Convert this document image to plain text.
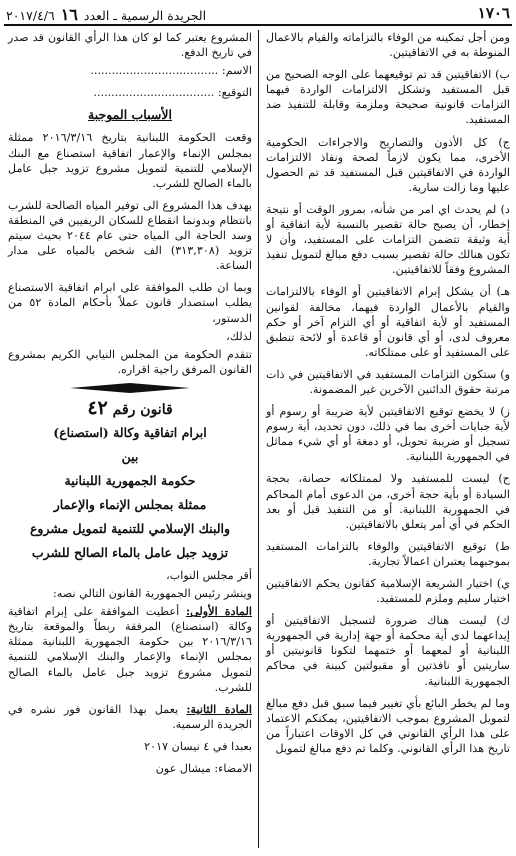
١٧٠٦
الجريدة الرسمية ـ العدد ١٦ ٢٠١٧/٤/٦

ومن أجل تمكينه من الوفاء بالتزاماته والقيام بالاعمال المنوطة به في الاتفاقيتين.

ب) الاتفاقيتين قد تم توقيعهما على الوجه الصحيح من قبل المستفيد وتشكل الالتزامات الواردة فيهما التزامات قانونية صحيحة وملزمة وقابلة للتنفيذ ضد المستفيد.

ج) كل الأذون والتصاريح والاجراءات الحكومية الأخرى، مما يكون لازماً لصحة ونفاذ الالتزامات الواردة في الاتفاقيتين قبل المستفيد قد تم الحصول عليها وما زالت سارية.

د) لم يحدث اي امر من شأنه، بمرور الوقت أو نتيجة إخطار، أن يصبح حالة تقصير بالنسبة لأية اتفاقية أو أية وثيقة تتضمن التزامات على المستفيد، وأن لا تكون هنالك حالة تقصير بسبب دفع مبالغ لتمويل تنفيذ المشروع وفقاً للاتفاقيتين.

هـ) أن يشكل إبرام الاتفاقيتين أو الوفاء بالالتزامات والقيام بالأعمال الواردة فيهما، مخالفة لقوانين المستفيد أو لأية اتفاقية أو أي التزام آخر أو حكم معروف لدى، أو أي قانون أو قاعدة أو لائحة تنطبق على المستفيد أو على ممتلكاته.

و) ستكون التزامات المستفيد في الاتفاقيتين في ذات مرتبة حقوق الدائنين الآخرين غير المضمونة.

ز) لا يخضع توقيع الاتفاقيتين لأية ضريبة أو رسوم أو لأية جبايات أخرى بما في ذلك، دون تحديد، أية رسوم تسجيل أو ضريبة تحويل، أو دمغة أو أي شيء مماثل في الجمهورية اللبنانية.

ح) ليست للمستفيد ولا لممتلكاته حصانة، بحجة السيادة أو بأية حجة أخرى، من الدعوى أمام المحاكم في الجمهورية اللبنانية. أو من التنفيذ قبل أو بعد الحكم في أي أمر يتعلق بالاتفاقيتين.

ط) توقيع الاتفاقيتين والوفاء بالتزامات المستفيد بموجبهما يعتبران اعمالاً تجارية.

ي) اختيار الشريعة الإسلامية كقانون يحكم الاتفاقيتين اختيار سليم وملزم للمستفيد.

ك) ليست هناك ضرورة لتسجيل الاتفاقيتين أو إيداعهما لدى أية محكمة أو جهة إدارية في الجمهورية اللبنانية أو لمعهما أو ختمهما لتكونا قانونيتين أو ساريتين أو نافذتين أو مقبولتين كبينة في محاكم الجمهورية اللبنانية.

وما لم يخطر البائع بأي تغيير فيما سبق قبل دفع مبالغ لتمويل المشروع بموجب الاتفاقيتين، يمكنكم الاعتماد على هذا الرأي القانوني في كل الاوقات اعتباراً من تاريخ هذا الرأي القانوني. وكلما تم دفع مبالغ لتمويل

المشروع يعتبر كما لو كان هذا الرأي القانون قد صدر في تاريخ الدفع.

الاسم: ....................................

التوقيع: ..................................

الأسباب الموجبة

وقعت الحكومة اللبنانية بتاريخ ٢٠١٦/٣/١٦ ممثلة بمجلس الإنماء والإعمار اتفاقية استصناع مع البنك الإسلامي للتنمية لتمويل مشروع تزويد جبل عامل بالماء الصالح للشرب.

يهدف هذا المشروع الى توفير المياه الصالحة للشرب بانتظام وبدونما انقطاع للسكان الريفيين في المنطقة وسد الحاجة الى المياه حتى عام ٢٠٤٤ بحيث سيتم تزويد (٣١٣,٣٠٨) الف شخص بالمياه على مدار الساعة.

وبما ان طلب الموافقة على ابرام اتفاقية الاستصناع يطلب استصدار قانون عملاً بأحكام المادة ٥٢ من الدستور،

لذلك،

تتقدم الحكومة من المجلس النيابي الكريم بمشروع القانون المرفق راجية اقراره.

قانون رقم ٤٢

ابرام اتفاقية وكالة (استصناع)

بين

حكومة الجمهورية اللبنانية

ممثلة بمجلس الإنماء والإعمار

والبنك الإسلامي للتنمية لتمويل مشروع

تزويد جبل عامل بالماء الصالح للشرب

أقر مجلس النواب،

وينشر رئيس الجمهورية القانون التالي نصه:

المادة الأولى: أعطيت الموافقة على إبرام اتفاقية وكالة (استصناع) المرفقة ربطاً والموقعة بتاريخ ٢٠١٦/٣/١٦ بين حكومة الجمهورية اللبنانية ممثلة بمجلس الإنماء والإعمار والبنك الإسلامي للتنمية لتمويل مشروع تزويد جبل عامل بالماء الصالح للشرب.

المادة الثانية: يعمل بهذا القانون فور نشره في الجريدة الرسمية.

بعبدا في ٤ نيسان ٢٠١٧

الامضاء: ميشال عون
